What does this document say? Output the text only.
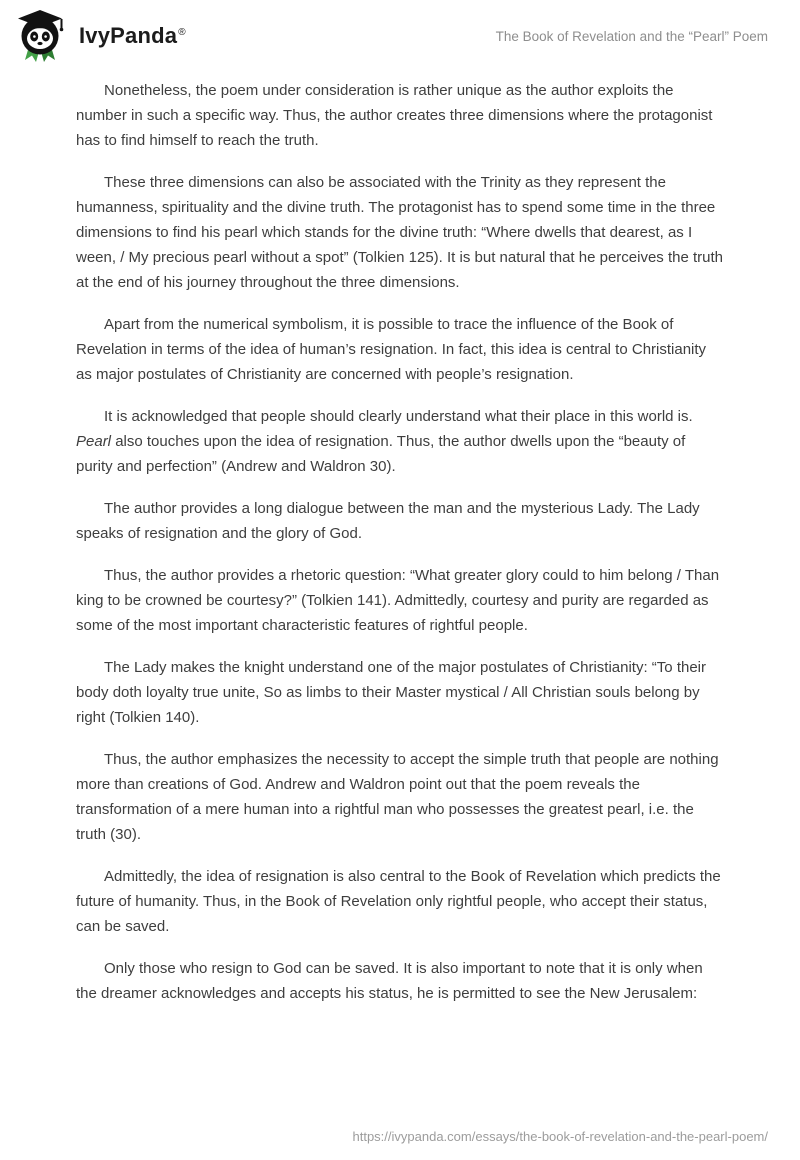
IvyPanda®	The Book of Revelation and the “Pearl” Poem

Nonetheless, the poem under consideration is rather unique as the author exploits the number in such a specific way. Thus, the author creates three dimensions where the protagonist has to find himself to reach the truth.

These three dimensions can also be associated with the Trinity as they represent the humanness, spirituality and the divine truth. The protagonist has to spend some time in the three dimensions to find his pearl which stands for the divine truth: “Where dwells that dearest, as I ween, / My precious pearl without a spot” (Tolkien 125). It is but natural that he perceives the truth at the end of his journey throughout the three dimensions.

Apart from the numerical symbolism, it is possible to trace the influence of the Book of Revelation in terms of the idea of human’s resignation. In fact, this idea is central to Christianity as major postulates of Christianity are concerned with people’s resignation.

It is acknowledged that people should clearly understand what their place in this world is. Pearl also touches upon the idea of resignation. Thus, the author dwells upon the “beauty of purity and perfection” (Andrew and Waldron 30).

The author provides a long dialogue between the man and the mysterious Lady. The Lady speaks of resignation and the glory of God.

Thus, the author provides a rhetoric question: “What greater glory could to him belong / Than king to be crowned be courtesy?” (Tolkien 141). Admittedly, courtesy and purity are regarded as some of the most important characteristic features of rightful people.

The Lady makes the knight understand one of the major postulates of Christianity: “To their body doth loyalty true unite, So as limbs to their Master mystical / All Christian souls belong by right (Tolkien 140).

Thus, the author emphasizes the necessity to accept the simple truth that people are nothing more than creations of God. Andrew and Waldron point out that the poem reveals the transformation of a mere human into a rightful man who possesses the greatest pearl, i.e. the truth (30).

Admittedly, the idea of resignation is also central to the Book of Revelation which predicts the future of humanity. Thus, in the Book of Revelation only rightful people, who accept their status, can be saved.

Only those who resign to God can be saved. It is also important to note that it is only when the dreamer acknowledges and accepts his status, he is permitted to see the New Jerusalem:

https://ivypanda.com/essays/the-book-of-revelation-and-the-pearl-poem/
